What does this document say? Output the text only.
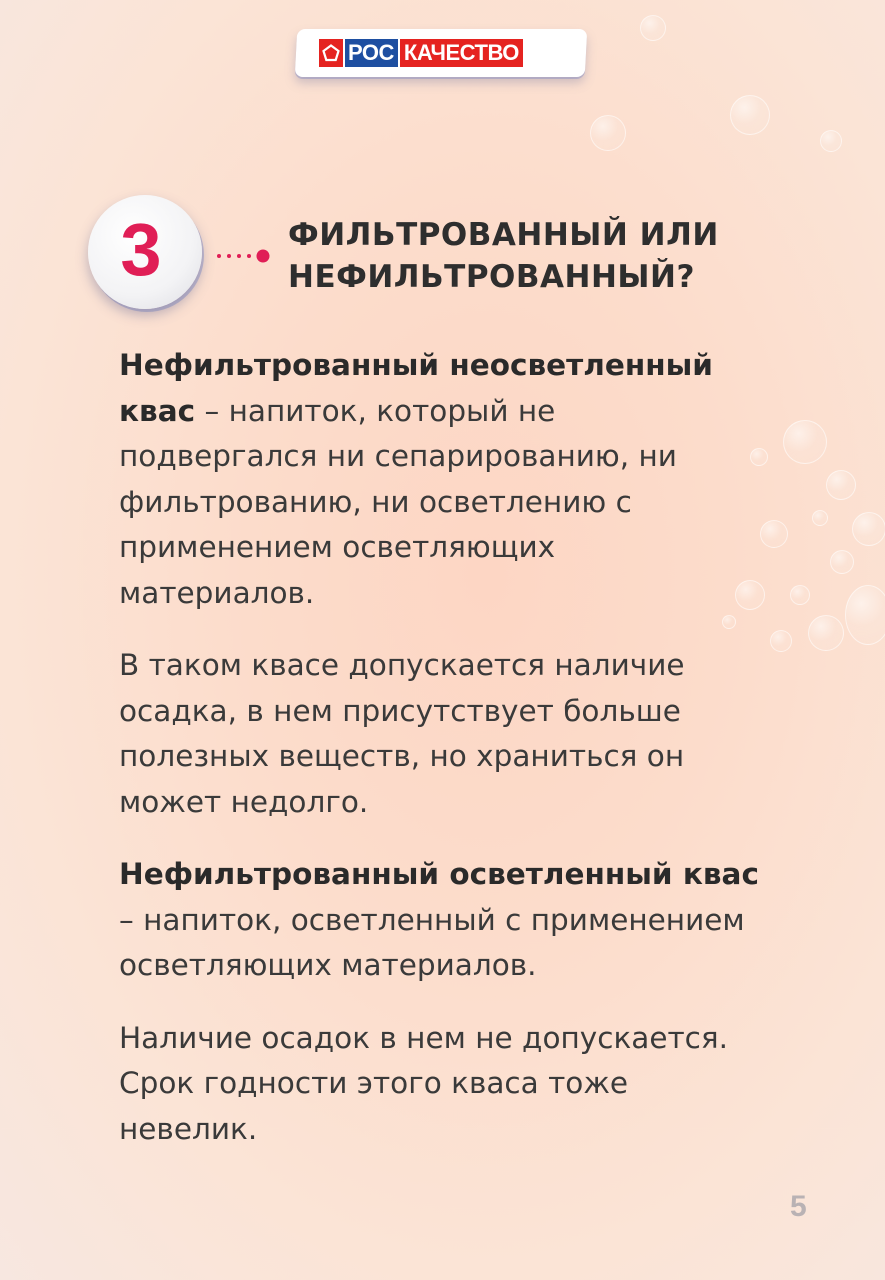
РОС КАЧЕСТВО
3	ФИЛЬТРОВАННЫЙ ИЛИ
НЕФИЛЬТРОВАННЫЙ?
Нефильтрованный неосветленный
квас – напиток, который не
подвергался ни сепарированию, ни
фильтрованию, ни осветлению с
применением осветляющих
материалов.
В таком квасе допускается наличие
осадка, в нем присутствует больше
полезных веществ, но храниться он
может недолго.
Нефильтрованный осветленный квас
– напиток, осветленный с применением
осветляющих материалов.
Наличие осадок в нем не допускается.
Срок годности этого кваса тоже
невелик.
5
